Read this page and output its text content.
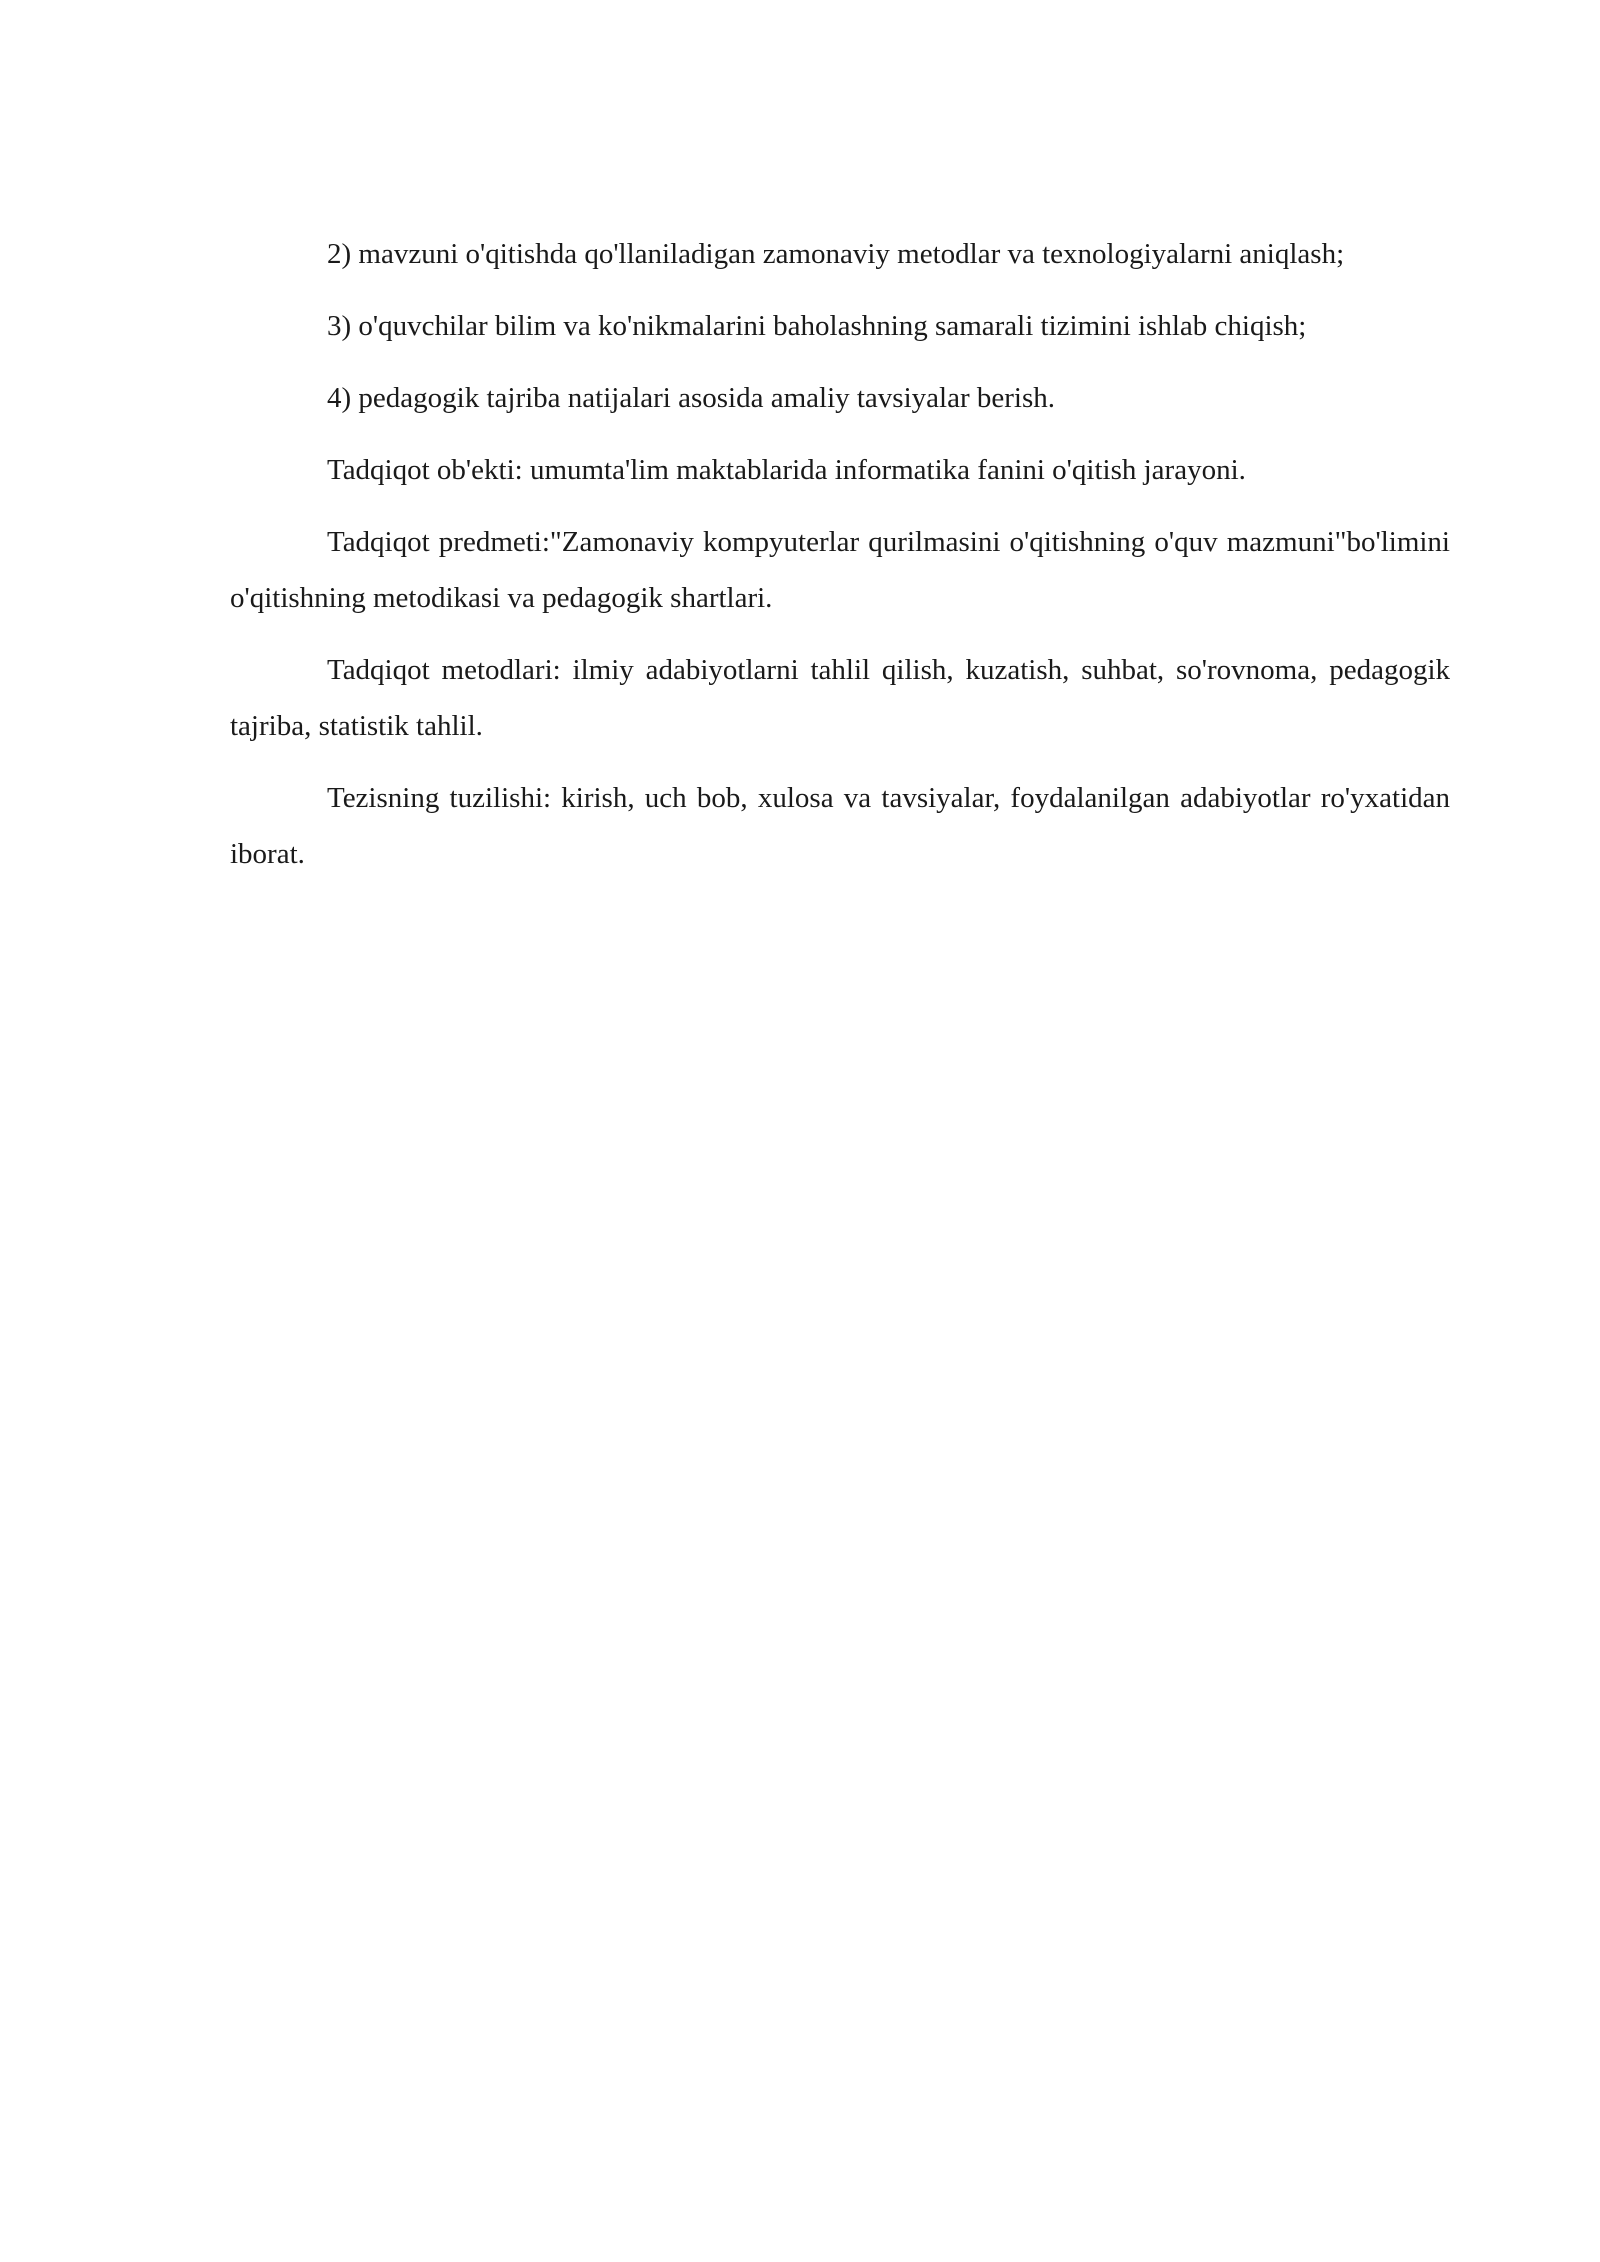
2) mavzuni o'qitishda qo'llaniladigan zamonaviy metodlar va texnologiyalarni aniqlash;

3) o'quvchilar bilim va ko'nikmalarini baholashning samarali tizimini ishlab chiqish;

4) pedagogik tajriba natijalari asosida amaliy tavsiyalar berish.

Tadqiqot ob'ekti: umumta'lim maktablarida informatika fanini o'qitish jarayoni.

Tadqiqot predmeti:"Zamonaviy kompyuterlar qurilmasini o'qitishning o'quv mazmuni"bo'limini o'qitishning metodikasi va pedagogik shartlari.

Tadqiqot metodlari: ilmiy adabiyotlarni tahlil qilish, kuzatish, suhbat, so'rovnoma, pedagogik tajriba, statistik tahlil.

Tezisning tuzilishi: kirish, uch bob, xulosa va tavsiyalar, foydalanilgan adabiyotlar ro'yxatidan iborat.
